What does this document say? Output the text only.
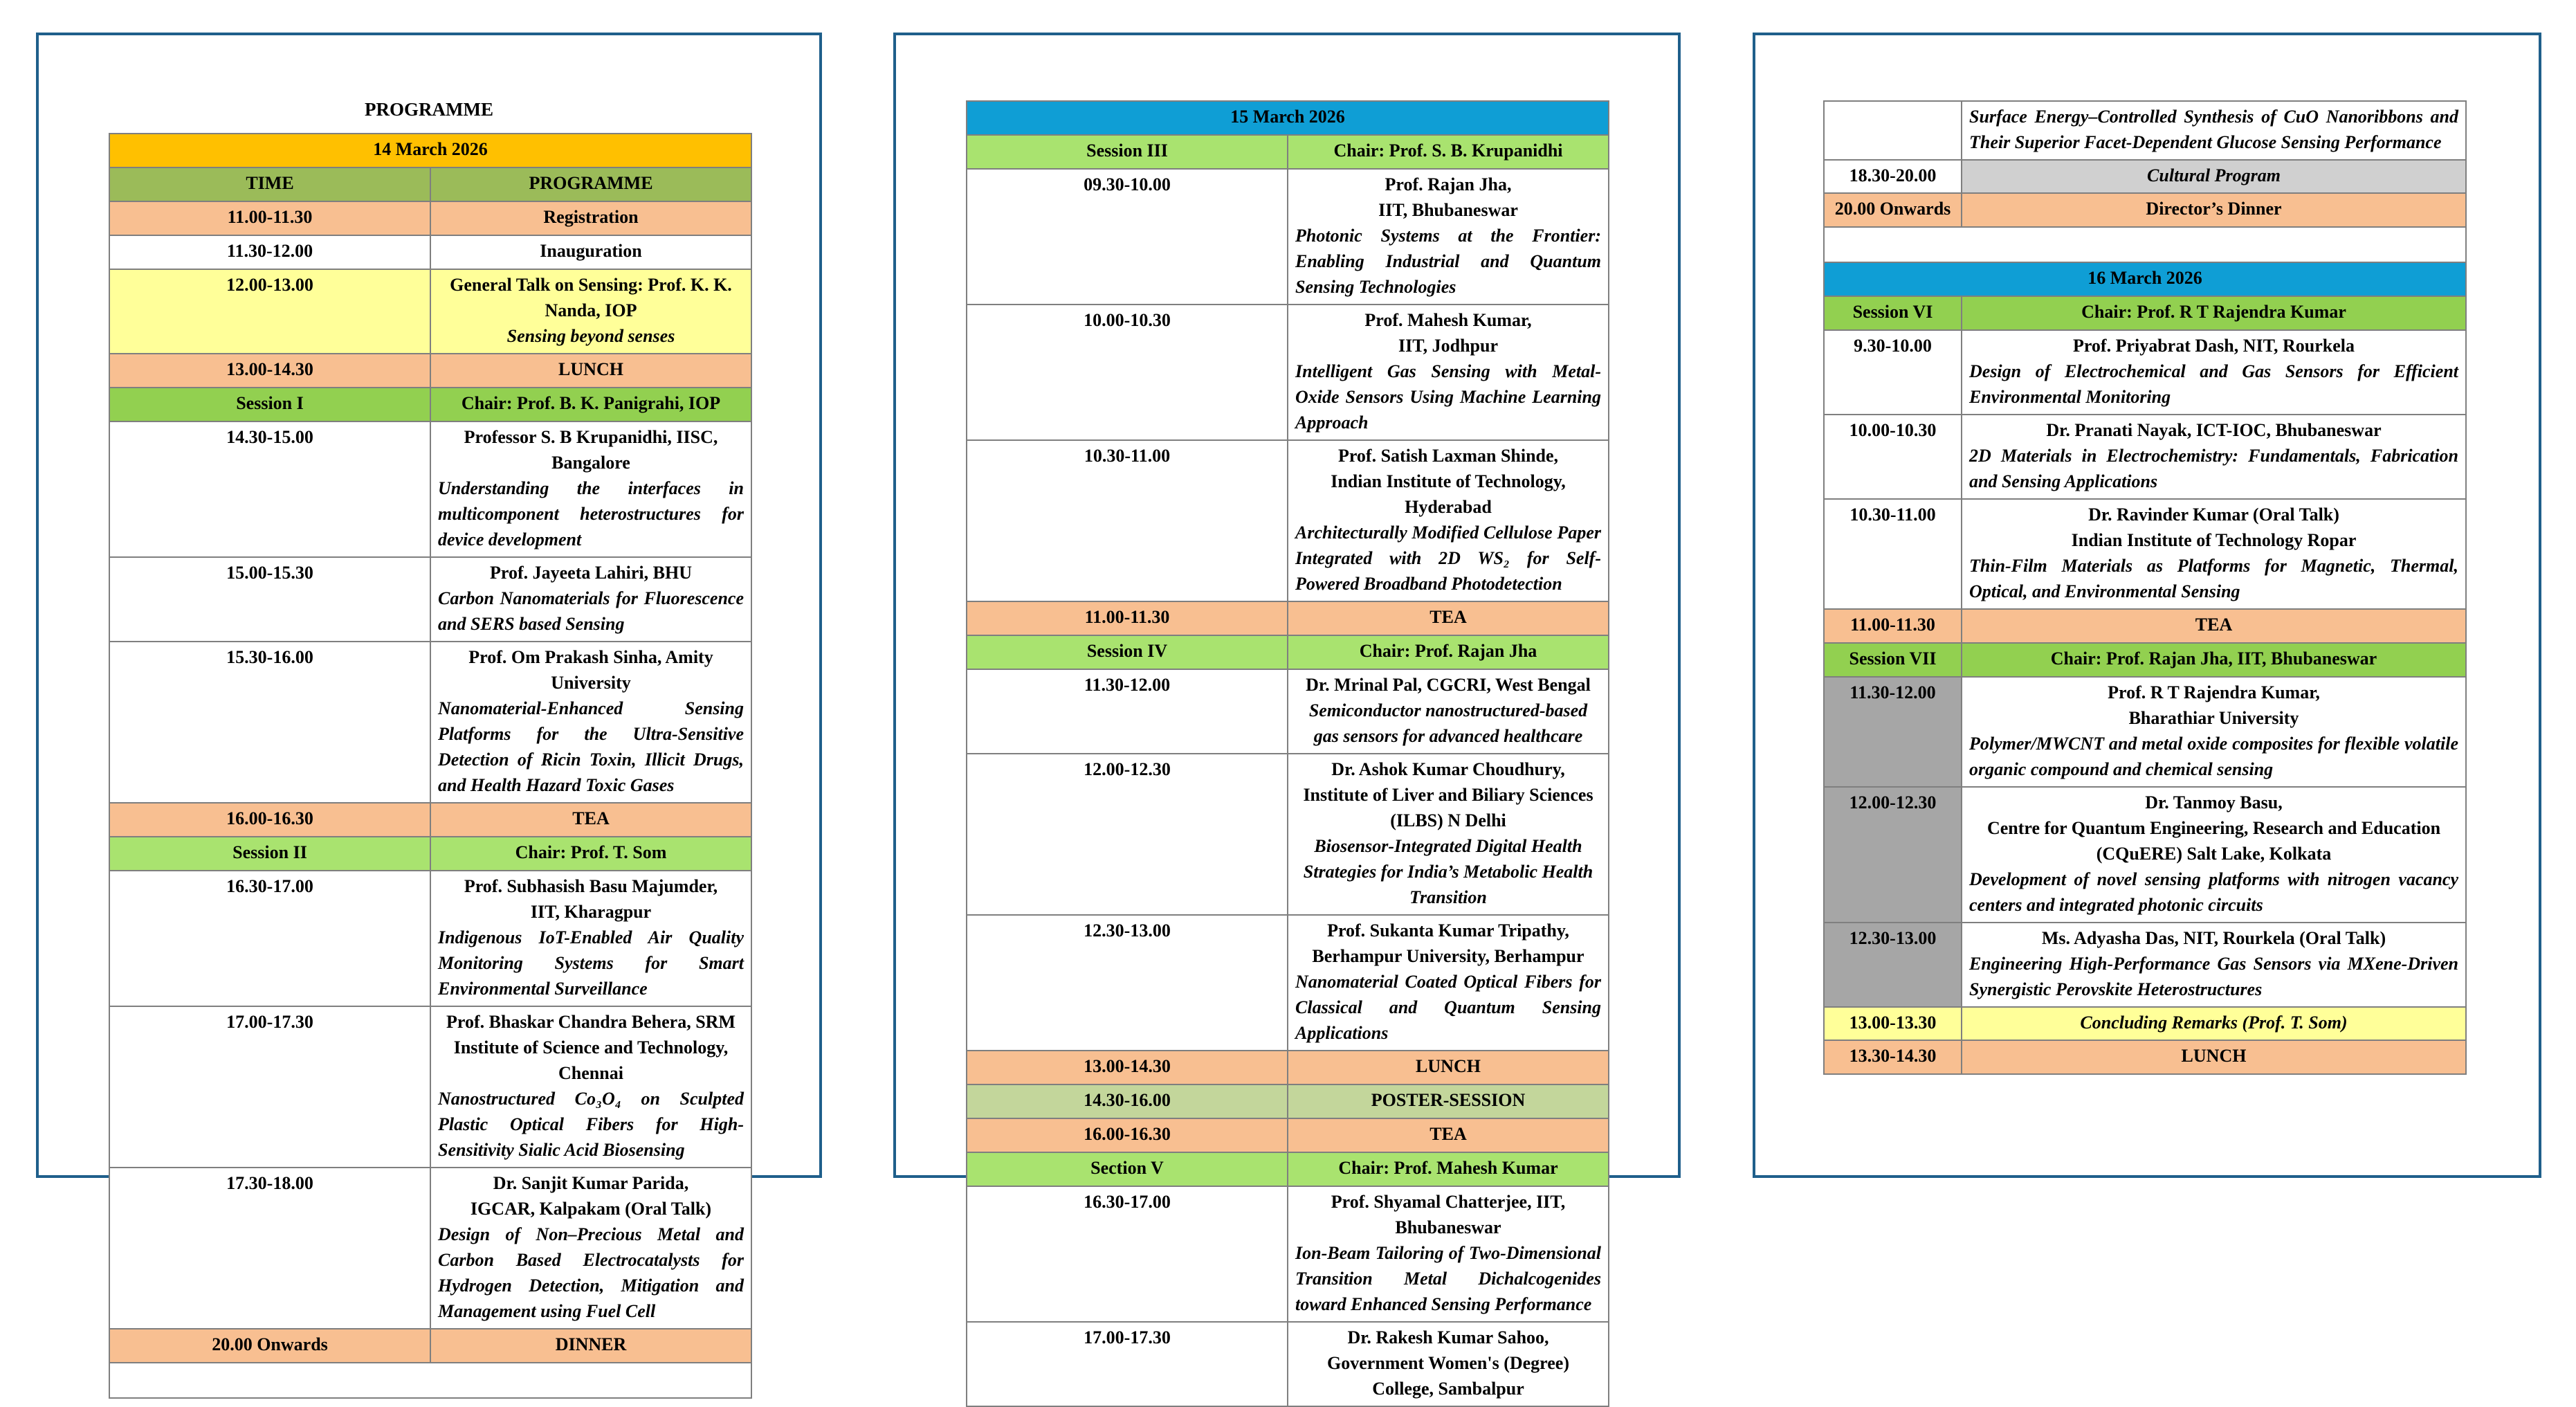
PROGRAMME
14 March 2026	
TIME	PROGRAMME

11.00-11.30	Registration

11.30-12.00	Inauguration

12.00-13.00	General Talk on Sensing: Prof. K. K. Nanda, IOP
Sensing beyond senses

13.00-14.30	LUNCH

Session I	Chair: Prof. B. K. Panigrahi, IOP

14.30-15.00	Professor S. B Krupanidhi, IISC, Bangalore
Understanding the interfaces in multicomponent heterostructures for device development

15.00-15.30	Prof. Jayeeta Lahiri, BHU
Carbon Nanomaterials for Fluorescence and SERS based Sensing

15.30-16.00	Prof. Om Prakash Sinha, Amity University
Nanomaterial-Enhanced Sensing Platforms for the Ultra-Sensitive Detection of Ricin Toxin, Illicit Drugs, and Health Hazard Toxic Gases

16.00-16.30	TEA

Session II	Chair: Prof. T. Som

16.30-17.00	Prof. Subhasish Basu Majumder,
IIT, Kharagpur
Indigenous IoT-Enabled Air Quality Monitoring Systems for Smart Environmental Surveillance

17.00-17.30	Prof. Bhaskar Chandra Behera, SRM Institute of Science and Technology, Chennai
Nanostructured Co₃O₄ on Sculpted Plastic Optical Fibers for High-Sensitivity Sialic Acid Biosensing

17.30-18.00	Dr. Sanjit Kumar Parida,
IGCAR, Kalpakam (Oral Talk)
Design of Non–Precious Metal and Carbon Based Electrocatalysts for Hydrogen Detection, Mitigation and Management using Fuel Cell

20.00 Onwards	DINNER

15 March 2026	
Session III	Chair: Prof. S. B. Krupanidhi

09.30-10.00	Prof. Rajan Jha,
IIT, Bhubaneswar
Photonic Systems at the Frontier: Enabling Industrial and Quantum Sensing Technologies

10.00-10.30	Prof. Mahesh Kumar,
IIT, Jodhpur
Intelligent Gas Sensing with Metal-Oxide Sensors Using Machine Learning Approach

10.30-11.00	Prof. Satish Laxman Shinde,
Indian Institute of Technology, Hyderabad
Architecturally Modified Cellulose Paper Integrated with 2D WS₂ for Self-Powered Broadband Photodetection

11.00-11.30	TEA

Session IV	Chair: Prof. Rajan Jha

11.30-12.00	Dr. Mrinal Pal, CGCRI, West Bengal
Semiconductor nanostructured-based gas sensors for advanced healthcare

12.00-12.30	Dr. Ashok Kumar Choudhury,
Institute of Liver and Biliary Sciences (ILBS) N Delhi
Biosensor-Integrated Digital Health Strategies for India’s Metabolic Health Transition

12.30-13.00	Prof. Sukanta Kumar Tripathy,
Berhampur University, Berhampur
Nanomaterial Coated Optical Fibers for Classical and Quantum Sensing Applications

13.00-14.30	LUNCH

14.30-16.00	POSTER-SESSION

16.00-16.30	TEA

Section V	Chair: Prof. Mahesh Kumar

16.30-17.00	Prof. Shyamal Chatterjee, IIT, Bhubaneswar
Ion-Beam Tailoring of Two-Dimensional Transition Metal Dichalcogenides toward Enhanced Sensing Performance

17.00-17.30	Dr. Rakesh Kumar Sahoo,
Government Women's (Degree) College, Sambalpur

	Surface Energy–Controlled Synthesis of CuO Nanoribbons and Their Superior Facet-Dependent Glucose Sensing Performance

18.30-20.00	Cultural Program

20.00 Onwards	Director’s Dinner

16 March 2026	
Session VI	Chair: Prof. R T Rajendra Kumar

9.30-10.00	Prof. Priyabrat Dash, NIT, Rourkela
Design of Electrochemical and Gas Sensors for Efficient Environmental Monitoring

10.00-10.30	Dr. Pranati Nayak, ICT-IOC, Bhubaneswar
2D Materials in Electrochemistry: Fundamentals, Fabrication and Sensing Applications

10.30-11.00	Dr. Ravinder Kumar (Oral Talk)
Indian Institute of Technology Ropar
Thin-Film Materials as Platforms for Magnetic, Thermal, Optical, and Environmental Sensing

11.00-11.30	TEA

Session VII	Chair: Prof. Rajan Jha, IIT, Bhubaneswar

11.30-12.00	Prof. R T Rajendra Kumar,
Bharathiar University
Polymer/MWCNT and metal oxide composites for flexible volatile organic compound and chemical sensing

12.00-12.30	Dr. Tanmoy Basu,
Centre for Quantum Engineering, Research and Education (CQuERE) Salt Lake, Kolkata
Development of novel sensing platforms with nitrogen vacancy centers and integrated photonic circuits

12.30-13.00	Ms. Adyasha Das, NIT, Rourkela (Oral Talk)
Engineering High-Performance Gas Sensors via MXene-Driven Synergistic Perovskite Heterostructures

13.00-13.30	Concluding Remarks (Prof. T. Som)

13.30-14.30	LUNCH
